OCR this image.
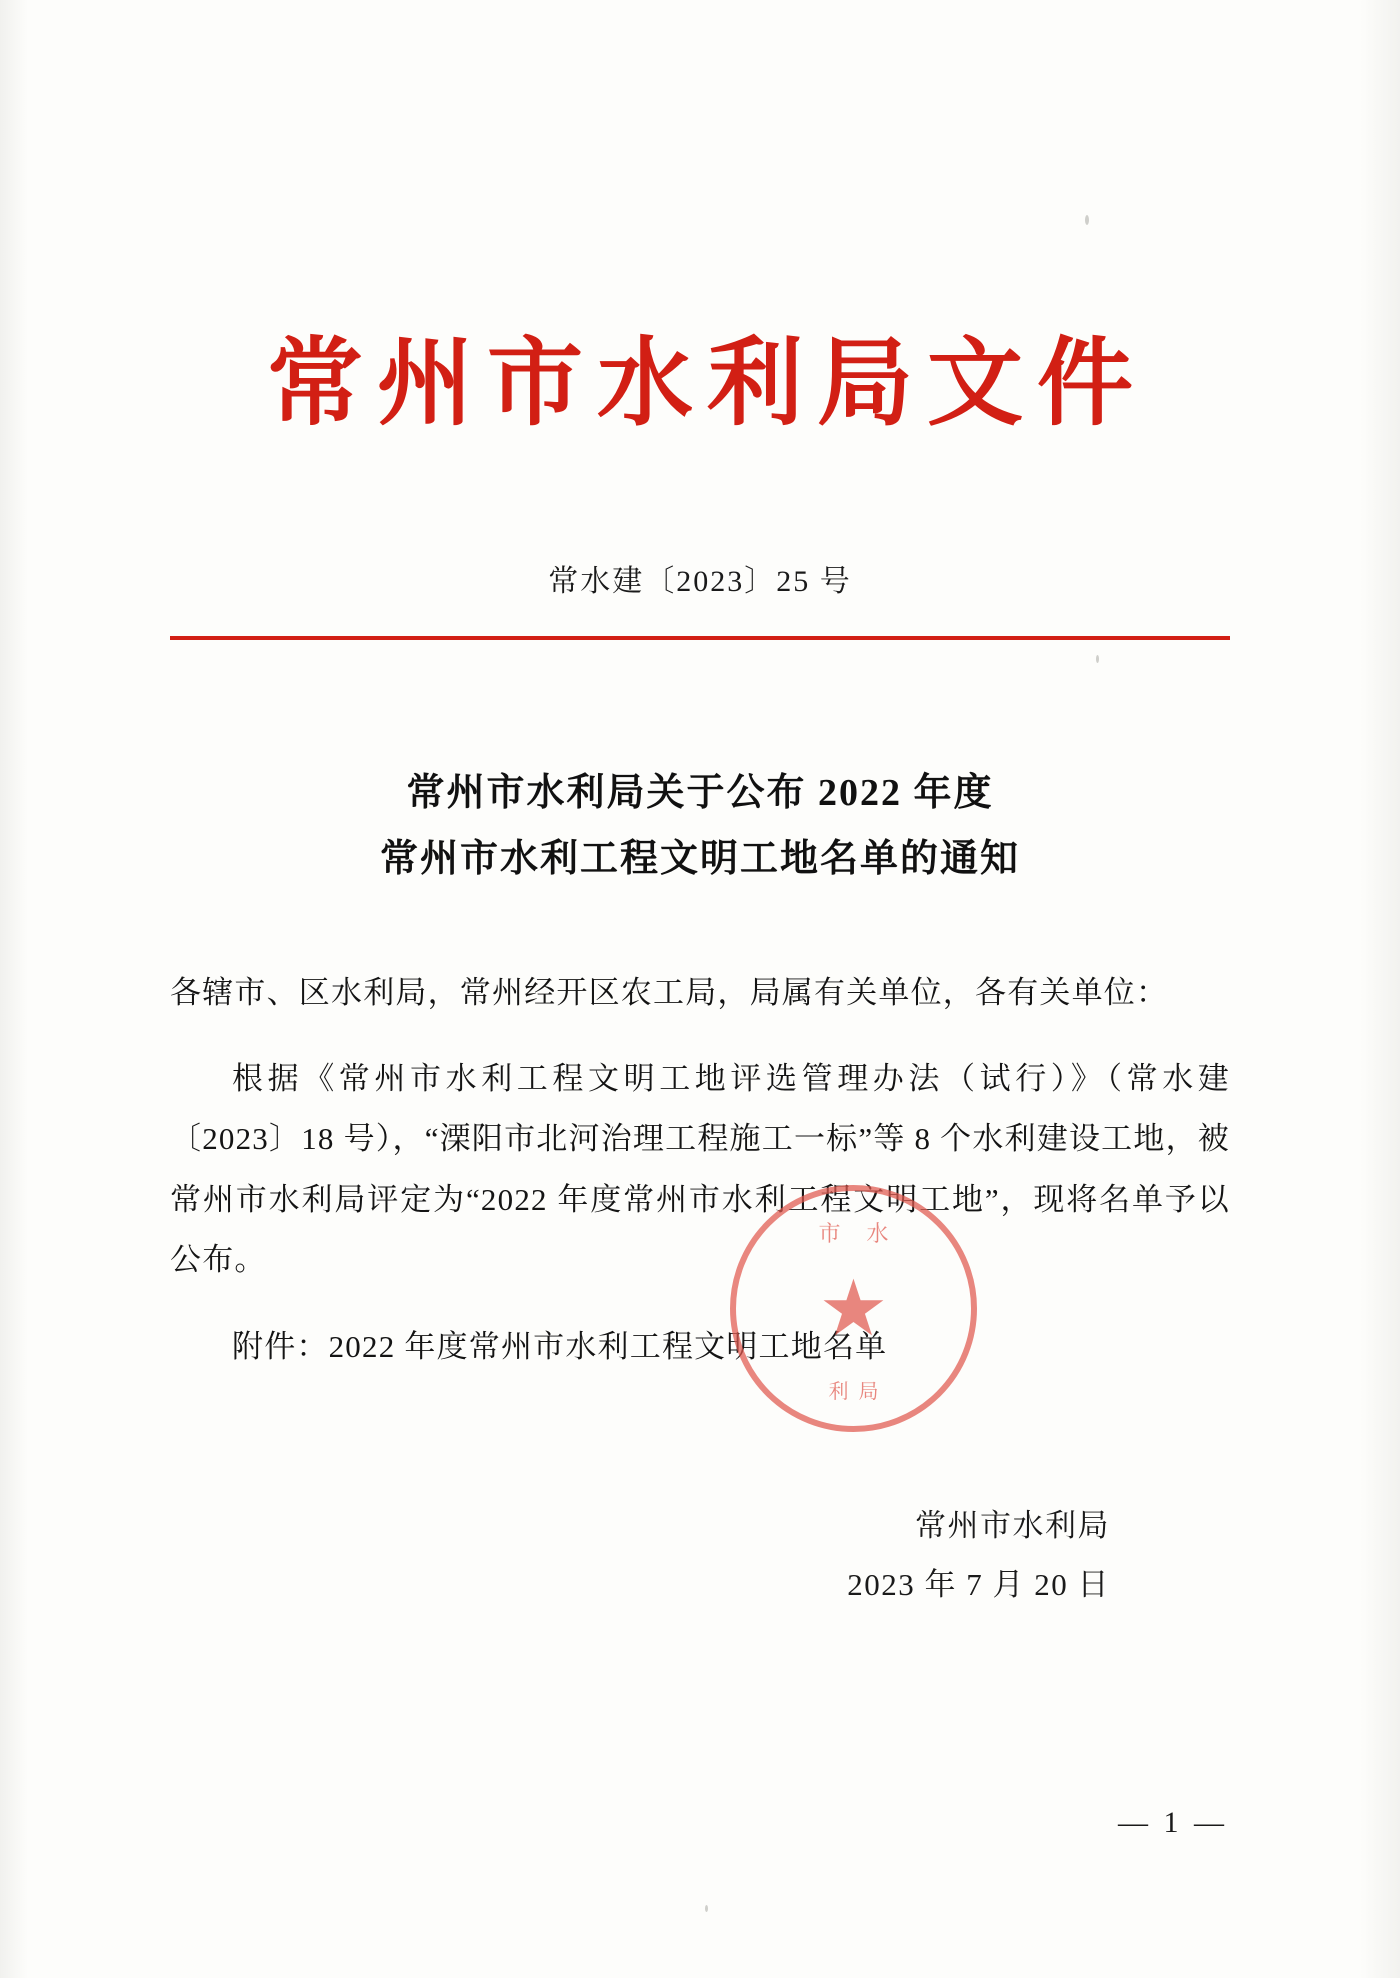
常州市水利局文件
常水建〔2023〕25 号
常州市水利局关于公布 2022 年度
常州市水利工程文明工地名单的通知

各辖市、区水利局，常州经开区农工局，局属有关单位，各有关单位：

根据《常州市水利工程文明工地评选管理办法（试行）》（常水建〔2023〕18 号），“溧阳市北河治理工程施工一标”等 8 个水利建设工地，被常州市水利局评定为“2022 年度常州市水利工程文明工地”，现将名单予以公布。

附件：2022 年度常州市水利工程文明工地名单

常州市水利局
2023 年 7 月 20 日
市水
★
利局
— 1 —
